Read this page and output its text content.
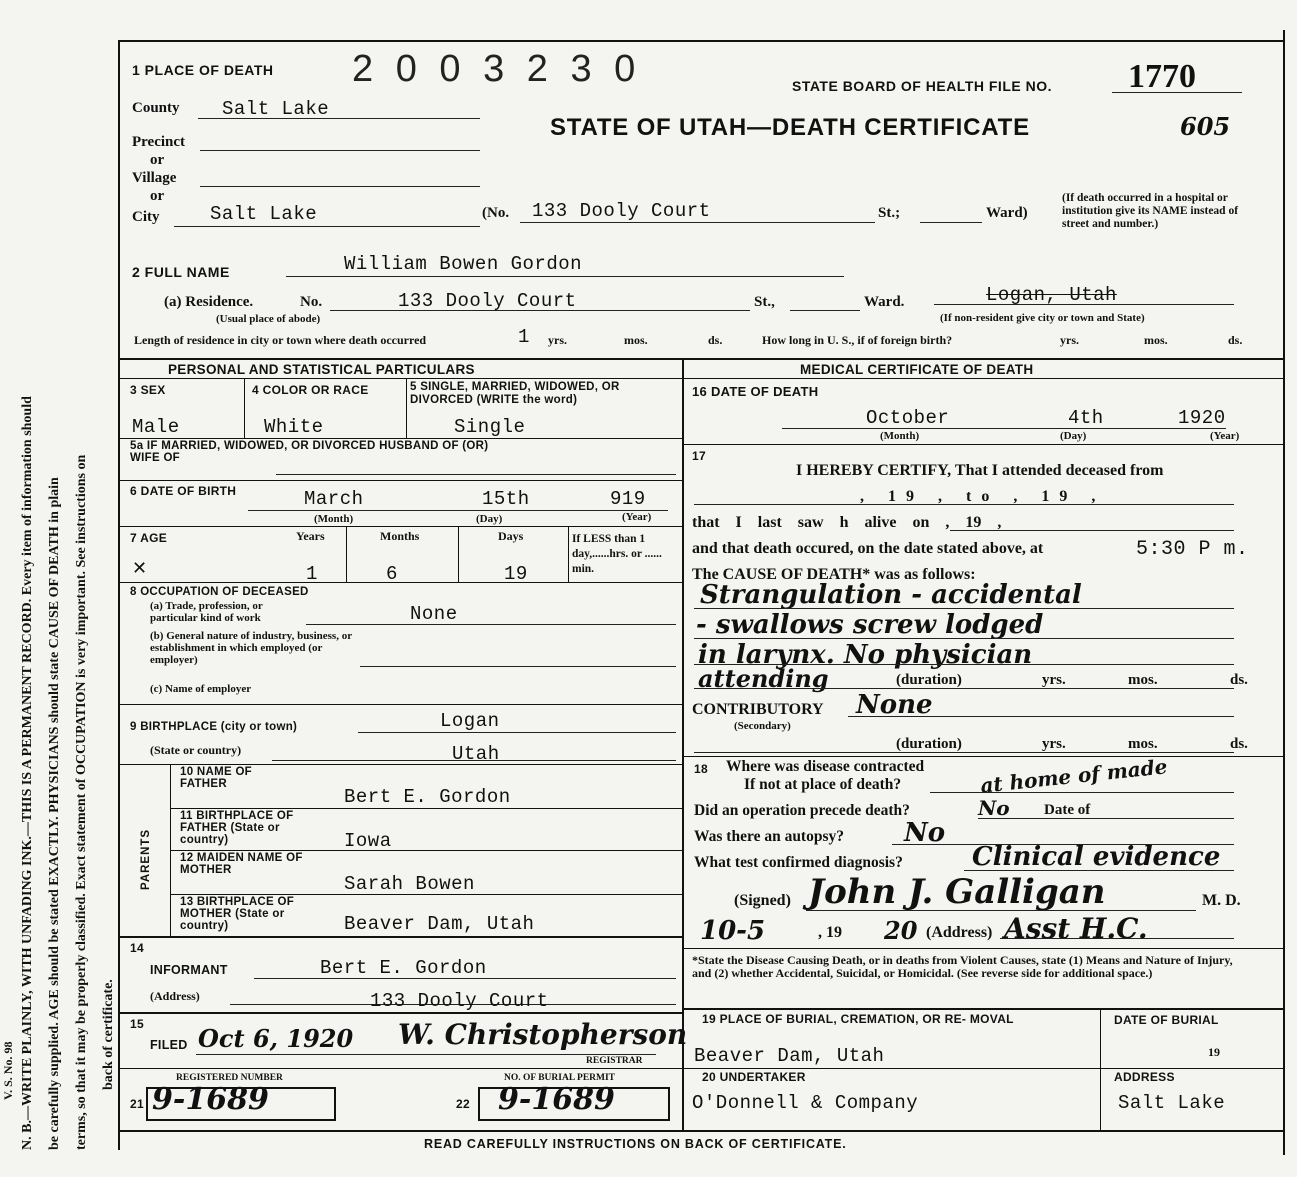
N. B.—WRITE PLAINLY, WITH UNFADING INK.—THIS IS A PERMANENT RECORD. Every item of information should be carefully supplied. AGE should be stated EXACTLY. PHYSICIANS should state CAUSE OF DEATH in plain terms, so that it may be properly classified. Exact statement of OCCUPATION is very important. See instructions on back of certificate.
V. S. No. 98
1 PLACE OF DEATH 2 0 0 3 2 3 0	STATE BOARD OF HEALTH FILE NO. 1770
STATE OF UTAH—DEATH CERTIFICATE	605
County Salt Lake
Precinct
or
Village
or
City	Salt Lake	(No. 133 Dooly Court	St.;	Ward)
(If death occurred in a hospital or institution give its NAME instead of street and number.)
2 FULL NAME	William Bowen Gordon
(a) Residence.	No.	133 Dooly Court	St.,	Ward.	Logan, Utah
(Usual place of abode)	(If non-resident give city or town and State)
Length of residence in city or town where death occurred	1 yrs.	mos.	ds.	How long in U. S., if of foreign birth?	yrs.	mos.	ds.
PERSONAL AND STATISTICAL PARTICULARS
3 SEX	4 COLOR OR RACE	5 SINGLE, MARRIED, WIDOWED, OR DIVORCED (WRITE the word)
Male	White	Single
5a IF MARRIED, WIDOWED, OR DIVORCED HUSBAND OF (OR) WIFE OF
6 DATE OF BIRTH	March	15th	919
(Month)	(Day)	(Year)
7 AGE
✕
Years	Months	Days
1	6	19
If LESS than 1 day,......hrs. or ...... min.
8 OCCUPATION OF DECEASED
(a) Trade, profession, or particular kind of work	None
(b) General nature of industry, business, or establishment in which employed (or employer)
(c) Name of employer
9 BIRTHPLACE (city or town)	Logan
(State or country)	Utah
PARENTS
10 NAME OF FATHER
Bert E. Gordon
11 BIRTHPLACE OF FATHER (State or country)	Iowa
12 MAIDEN NAME OF MOTHER
Sarah Bowen
13 BIRTHPLACE OF MOTHER (State or country)	Beaver Dam, Utah
14
INFORMANT	Bert E. Gordon
(Address)	133 Dooly Court
15
FILED Oct 6, 1920 W. Christopherson
REGISTRAR
REGISTERED NUMBER
21 9-1689
NO. OF BURIAL PERMIT
22 9-1689
MEDICAL CERTIFICATE OF DEATH
16 DATE OF DEATH
October	4th	1920
(Month)	(Day)	(Year)
17
I HEREBY CERTIFY, That I attended deceased from
, 19 , to , 19 ,
that I last saw h alive on , 19 ,
and that death occured, on the date stated above, at	5:30 P m.
The CAUSE OF DEATH* was as follows:
Strangulation - accidental
- swallows screw lodged
in larynx. No physician
attending	(duration)	yrs.	mos.	ds.
CONTRIBUTORY
(Secondary)
None
(duration)	yrs.	mos.	ds.
18 Where was disease contracted
If not at place of death?	at home of made
Did an operation precede death?	No Date of
Was there an autopsy? No
What test confirmed diagnosis?	Clinical evidence
(Signed) John J. Galligan	M. D.
10-5	, 19 20 (Address) Asst H.C.
*State the Disease Causing Death, or in deaths from Violent Causes, state (1) Means and Nature of Injury, and (2) whether Accidental, Suicidal, or Homicidal. (See reverse side for additional space.)
19 PLACE OF BURIAL, CREMATION, OR RE- MOVAL	DATE OF BURIAL
19
Beaver Dam, Utah
20 UNDERTAKER	ADDRESS
O'Donnell & Company	Salt Lake
READ CAREFULLY INSTRUCTIONS ON BACK OF CERTIFICATE.
